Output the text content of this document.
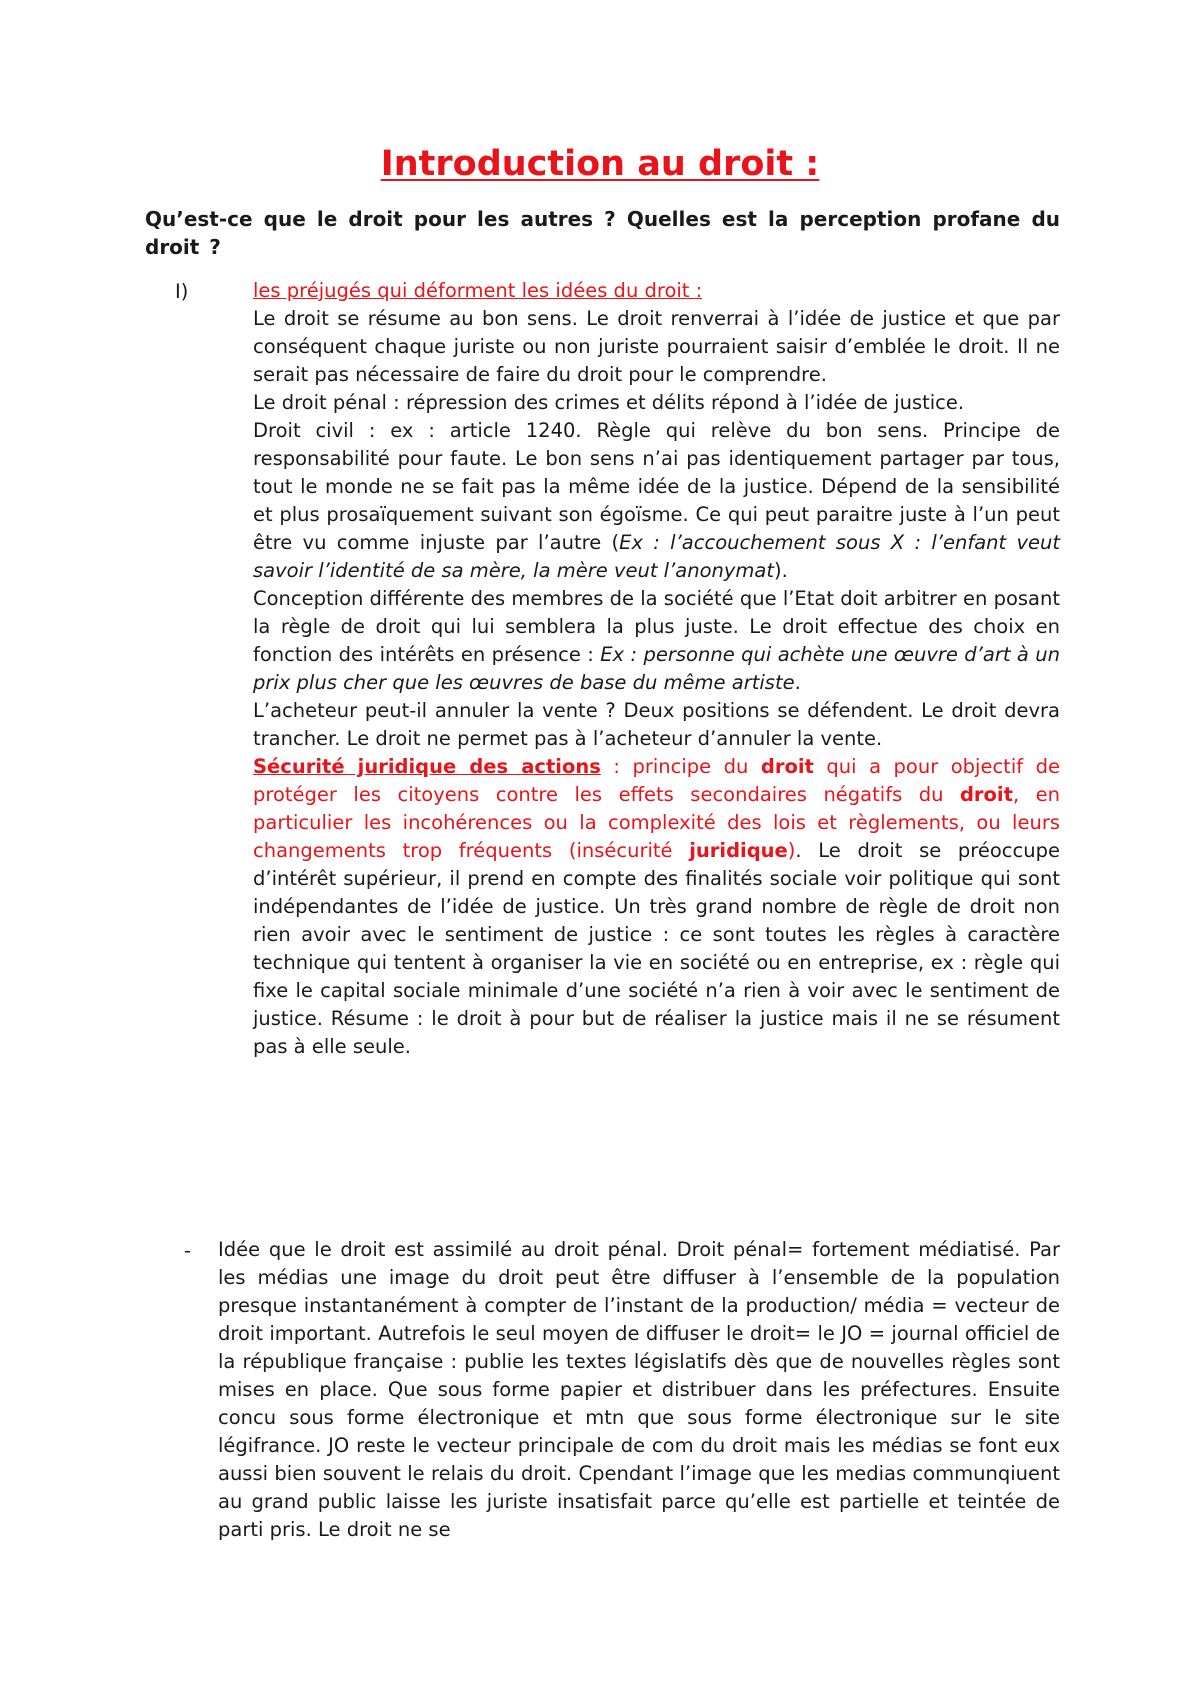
Introduction au droit :
Qu’est-ce que le droit pour les autres ? Quelles est la perception profane du droit ?
I)	les préjugés qui déforment les idées du droit :

Le droit se résume au bon sens. Le droit renverrai à l’idée de justice et que par conséquent chaque juriste ou non juriste pourraient saisir d’emblée le droit. Il ne serait pas nécessaire de faire du droit pour le comprendre.

Le droit pénal : répression des crimes et délits répond à l’idée de justice.

Droit civil : ex : article 1240. Règle qui relève du bon sens. Principe de responsabilité pour faute. Le bon sens n’ai pas identiquement partager par tous, tout le monde ne se fait pas la même idée de la justice. Dépend de la sensibilité et plus prosaïquement suivant son égoïsme. Ce qui peut paraitre juste à l’un peut être vu comme injuste par l’autre (Ex : l’accouchement sous X : l’enfant veut savoir l’identité de sa mère, la mère veut l’anonymat).

Conception différente des membres de la société que l’Etat doit arbitrer en posant la règle de droit qui lui semblera la plus juste. Le droit effectue des choix en fonction des intérêts en présence : Ex : personne qui achète une œuvre d’art à un prix plus cher que les œuvres de base du même artiste.

L’acheteur peut-il annuler la vente ? Deux positions se défendent. Le droit devra trancher. Le droit ne permet pas à l’acheteur d’annuler la vente.

Sécurité juridique des actions : principe du droit qui a pour objectif de protéger les citoyens contre les effets secondaires négatifs du droit, en particulier les incohérences ou la complexité des lois et règlements, ou leurs changements trop fréquents (insécurité juridique). Le droit se préoccupe d’intérêt supérieur, il prend en compte des finalités sociale voir politique qui sont indépendantes de l’idée de justice. Un très grand nombre de règle de droit non rien avoir avec le sentiment de justice : ce sont toutes les règles à caractère technique qui tentent à organiser la vie en société ou en entreprise, ex : règle qui fixe le capital sociale minimale d’une société n’a rien à voir avec le sentiment de justice. Résume : le droit à pour but de réaliser la justice mais il ne se résument pas à elle seule.

- Idée que le droit est assimilé au droit pénal. Droit pénal= fortement médiatisé. Par les médias une image du droit peut être diffuser à l’ensemble de la population presque instantanément à compter de l’instant de la production/ média = vecteur de droit important. Autrefois le seul moyen de diffuser le droit= le JO = journal officiel de la république française : publie les textes législatifs dès que de nouvelles règles sont mises en place. Que sous forme papier et distribuer dans les préfectures. Ensuite concu sous forme électronique et mtn que sous forme électronique sur le site légifrance. JO reste le vecteur principale de com du droit mais les médias se font eux aussi bien souvent le relais du droit. Cpendant l’image que les medias communqiuent au grand public laisse les juriste insatisfait parce qu’elle est partielle et teintée de parti pris. Le droit ne se
